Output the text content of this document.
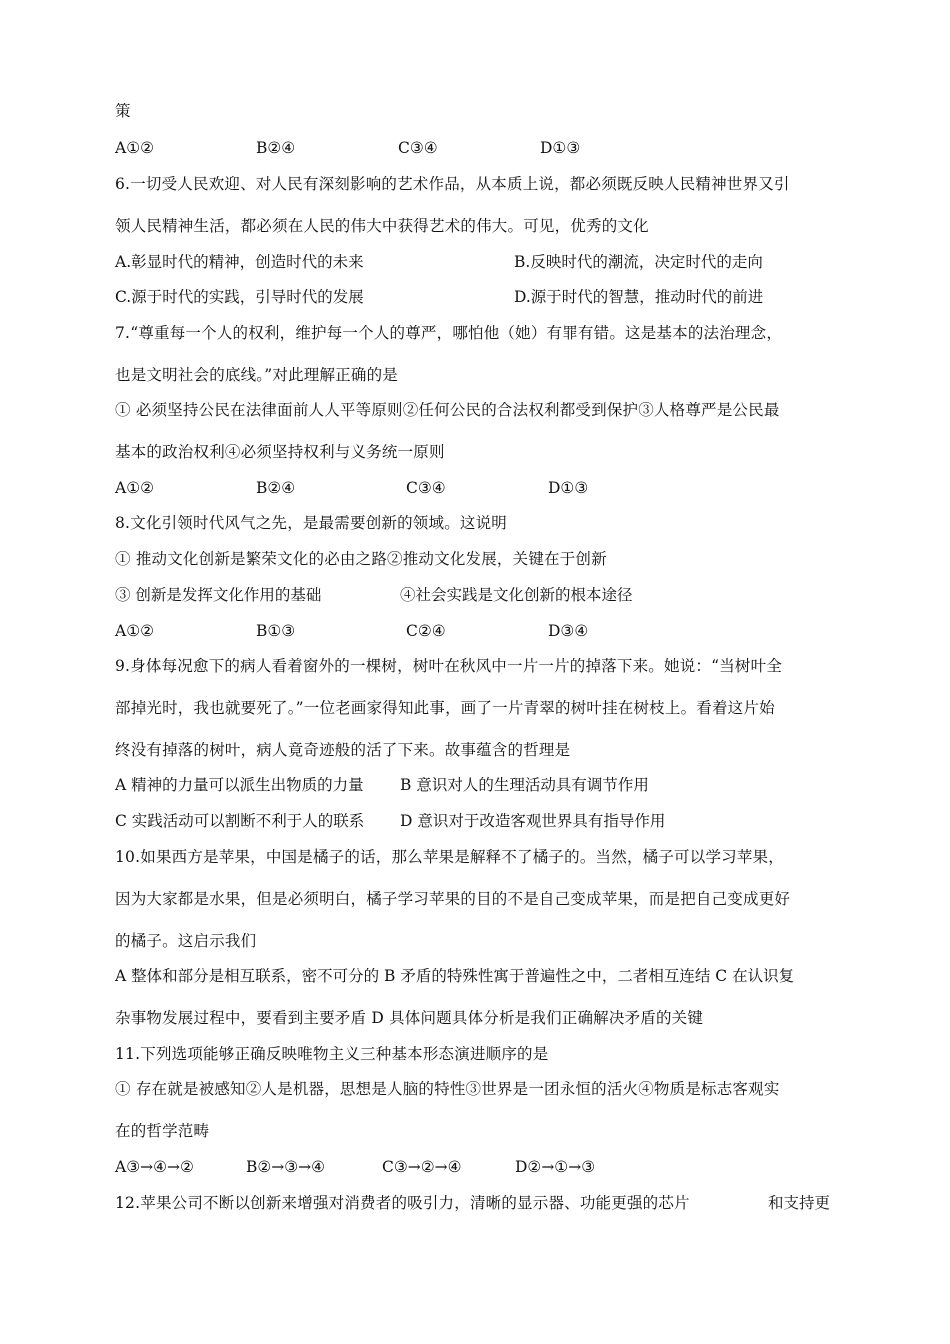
策
A①②	B②④	C③④	D①③
6.一切受人民欢迎、对人民有深刻影响的艺术作品，从本质上说，都必须既反映人民精神世界又引
领人民精神生活，都必须在人民的伟大中获得艺术的伟大。可见，优秀的文化
A.彰显时代的精神，创造时代的未来	B.反映时代的潮流，决定时代的走向
C.源于时代的实践，引导时代的发展	D.源于时代的智慧，推动时代的前进
7.“尊重每一个人的权利，维护每一个人的尊严，哪怕他（她）有罪有错。这是基本的法治理念，
也是文明社会的底线。”对此理解正确的是
① 必须坚持公民在法律面前人人平等原则②任何公民的合法权利都受到保护③人格尊严是公民最
基本的政治权利④必须坚持权利与义务统一原则
A①②	B②④	C③④	D①③
8.文化引领时代风气之先，是最需要创新的领域。这说明
① 推动文化创新是繁荣文化的必由之路②推动文化发展，关键在于创新
③ 创新是发挥文化作用的基础	④社会实践是文化创新的根本途径
A①②	B①③	C②④	D③④
9.身体每况愈下的病人看着窗外的一棵树，树叶在秋风中一片一片的掉落下来。她说：“当树叶全
部掉光时，我也就要死了。”一位老画家得知此事，画了一片青翠的树叶挂在树枝上。看着这片始
终没有掉落的树叶，病人竟奇迹般的活了下来。故事蕴含的哲理是
A 精神的力量可以派生出物质的力量 B 意识对人的生理活动具有调节作用
C 实践活动可以割断不利于人的联系 D 意识对于改造客观世界具有指导作用
10.如果西方是苹果，中国是橘子的话，那么苹果是解释不了橘子的。当然，橘子可以学习苹果，
因为大家都是水果，但是必须明白，橘子学习苹果的目的不是自己变成苹果，而是把自己变成更好
的橘子。这启示我们
A 整体和部分是相互联系，密不可分的 B 矛盾的特殊性寓于普遍性之中，二者相互连结 C 在认识复
杂事物发展过程中，要看到主要矛盾 D 具体问题具体分析是我们正确解决矛盾的关键
11.下列选项能够正确反映唯物主义三种基本形态演进顺序的是
① 存在就是被感知②人是机器，思想是人脑的特性③世界是一团永恒的活火④物质是标志客观实
在的哲学范畴
A③→④→②	B②→③→④	C③→②→④	D②→①→③
12.苹果公司不断以创新来增强对消费者的吸引力，清晰的显示器、功能更强的芯片	和支持更
